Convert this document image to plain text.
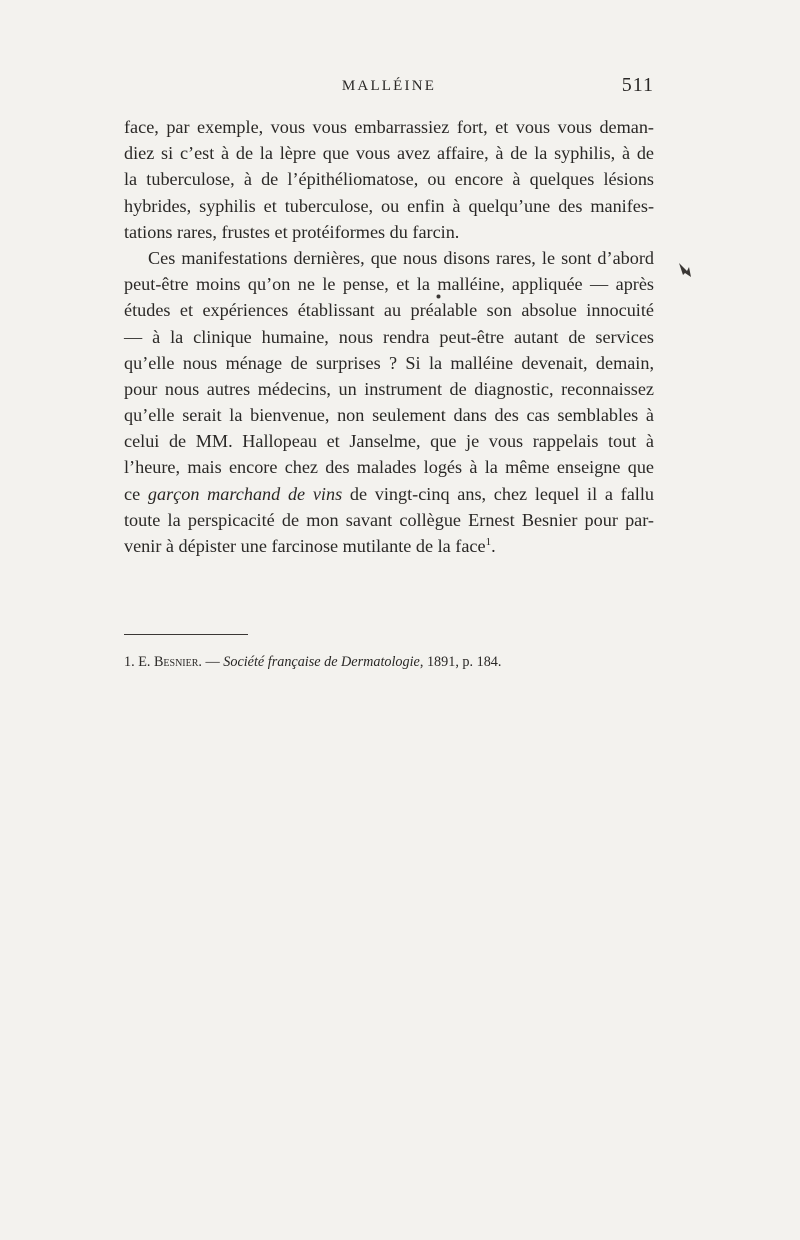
MALLÉINE	511
face, par exemple, vous vous embarrassiez fort, et vous vous deman-
diez si c’est à de la lèpre que vous avez affaire, à de la syphilis, à de
la tuberculose, à de l’épithéliomatose, ou encore à quelques lésions
hybrides, syphilis et tuberculose, ou enfin à quelqu’une des manifes-
tations rares, frustes et protéiformes du farcin.
Ces manifestations dernières, que nous disons rares, le sont d’abord
peut-être moins qu’on ne le pense, et la malléine, appliquée — après
études et expériences établissant au préalable son absolue innocuité
— à la clinique humaine, nous rendra peut-être autant de services
qu’elle nous ménage de surprises ? Si la malléine devenait, demain,
pour nous autres médecins, un instrument de diagnostic, reconnaissez
qu’elle serait la bienvenue, non seulement dans des cas semblables à
celui de MM. Hallopeau et Janselme, que je vous rappelais tout à
l’heure, mais encore chez des malades logés à la même enseigne que
ce garçon marchand de vins de vingt-cinq ans, chez lequel il a fallu
toute la perspicacité de mon savant collègue Ernest Besnier pour par-
venir à dépister une farcinose mutilante de la face$^1$.
1. E. Besnier. — Société française de Dermatologie, 1891, p. 184.
